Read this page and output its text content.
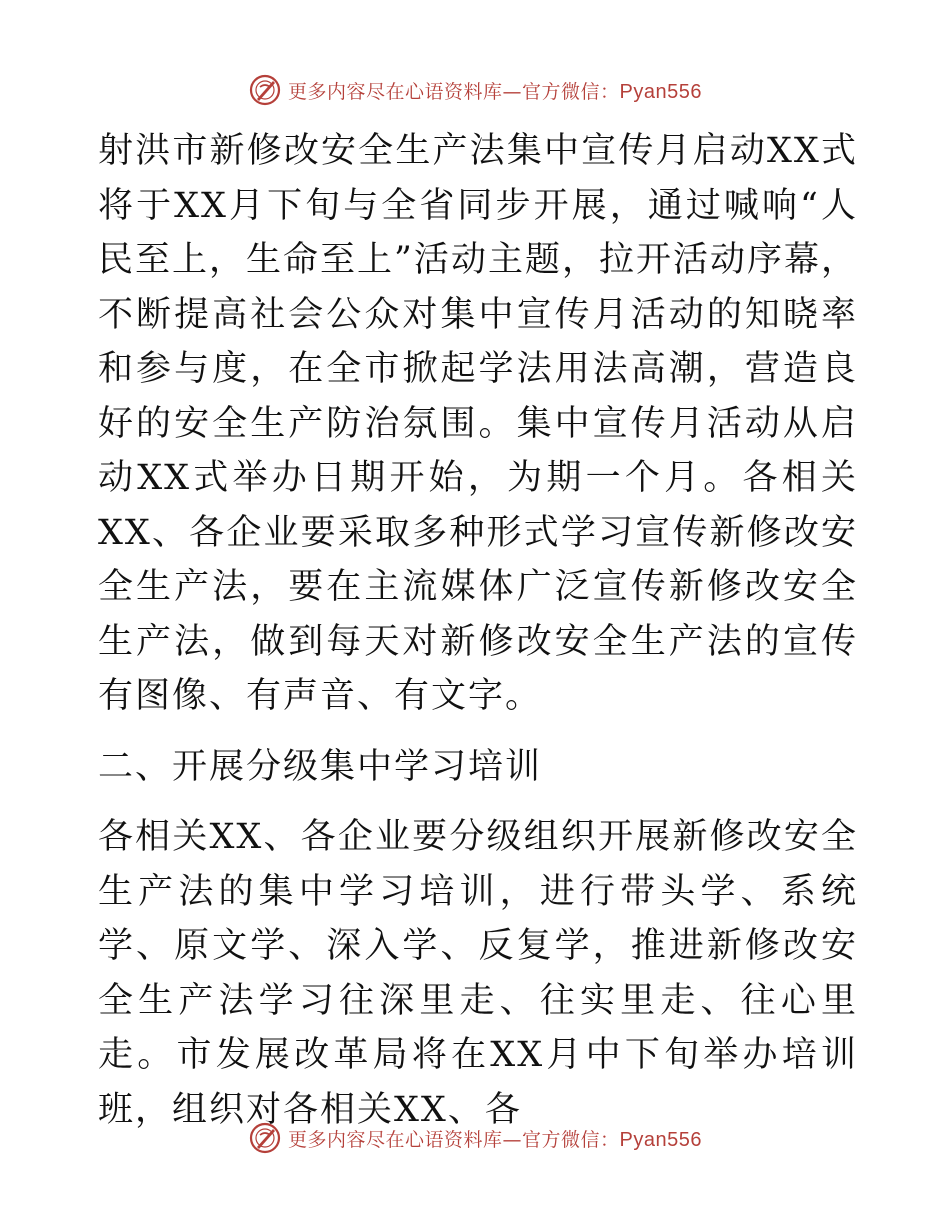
更多内容尽在心语资料库—官方微信：Pyan556

射洪市新修改安全生产法集中宣传月启动XX式将于XX月下旬与全省同步开展，通过喊响“人民至上，生命至上”活动主题，拉开活动序幕，不断提高社会公众对集中宣传月活动的知晓率和参与度，在全市掀起学法用法高潮，营造良好的安全生产防治氛围。集中宣传月活动从启动XX式举办日期开始，为期一个月。各相关XX、各企业要采取多种形式学习宣传新修改安全生产法，要在主流媒体广泛宣传新修改安全生产法，做到每天对新修改安全生产法的宣传有图像、有声音、有文字。

二、开展分级集中学习培训

各相关XX、各企业要分级组织开展新修改安全生产法的集中学习培训，进行带头学、系统学、原文学、深入学、反复学，推进新修改安全生产法学习往深里走、往实里走、往心里走。市发展改革局将在XX月中下旬举办培训班，组织对各相关XX、各

更多内容尽在心语资料库—官方微信：Pyan556
